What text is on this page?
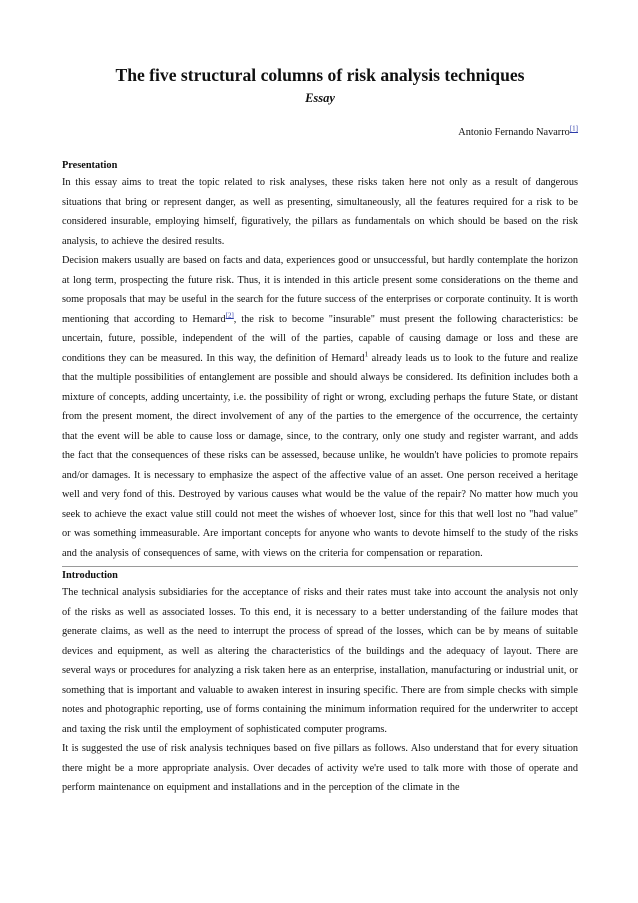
The five structural columns of risk analysis techniques
Essay
Antonio Fernando Navarro[1]
Presentation
In this essay aims to treat the topic related to risk analyses, these risks taken here not only as a result of dangerous situations that bring or represent danger, as well as presenting, simultaneously, all the features required for a risk to be considered insurable, employing himself, figuratively, the pillars as fundamentals on which should be based on the risk analysis, to achieve the desired results.
Decision makers usually are based on facts and data, experiences good or unsuccessful, but hardly contemplate the horizon at long term, prospecting the future risk. Thus, it is intended in this article present some considerations on the theme and some proposals that may be useful in the search for the future success of the enterprises or corporate continuity. It is worth mentioning that according to Hemard[2], the risk to become "insurable" must present the following characteristics: be uncertain, future, possible, independent of the will of the parties, capable of causing damage or loss and these are conditions they can be measured. In this way, the definition of Hemard$^1$ already leads us to look to the future and realize that the multiple possibilities of entanglement are possible and should always be considered. Its definition includes both a mixture of concepts, adding uncertainty, i.e. the possibility of right or wrong, excluding perhaps the future State, or distant from the present moment, the direct involvement of any of the parties to the emergence of the occurrence, the certainty that the event will be able to cause loss or damage, since, to the contrary, only one study and register warrant, and adds the fact that the consequences of these risks can be assessed, because unlike, he wouldn't have policies to promote repairs and/or damages. It is necessary to emphasize the aspect of the affective value of an asset. One person received a heritage well and very fond of this. Destroyed by various causes what would be the value of the repair? No matter how much you seek to achieve the exact value still could not meet the wishes of whoever lost, since for this that well lost no "had value" or was something immeasurable. Are important concepts for anyone who wants to devote himself to the study of the risks and the analysis of consequences of same, with views on the criteria for compensation or reparation.
Introduction
The technical analysis subsidiaries for the acceptance of risks and their rates must take into account the analysis not only of the risks as well as associated losses. To this end, it is necessary to a better understanding of the failure modes that generate claims, as well as the need to interrupt the process of spread of the losses, which can be by means of suitable devices and equipment, as well as altering the characteristics of the buildings and the adequacy of layout. There are several ways or procedures for analyzing a risk taken here as an enterprise, installation, manufacturing or industrial unit, or something that is important and valuable to awaken interest in insuring specific. There are from simple checks with simple notes and photographic reporting, use of forms containing the minimum information required for the underwriter to accept and taxing the risk until the employment of sophisticated computer programs.
It is suggested the use of risk analysis techniques based on five pillars as follows. Also understand that for every situation there might be a more appropriate analysis. Over decades of activity we're used to talk more with those of operate and perform maintenance on equipment and installations and in the perception of the climate in the
